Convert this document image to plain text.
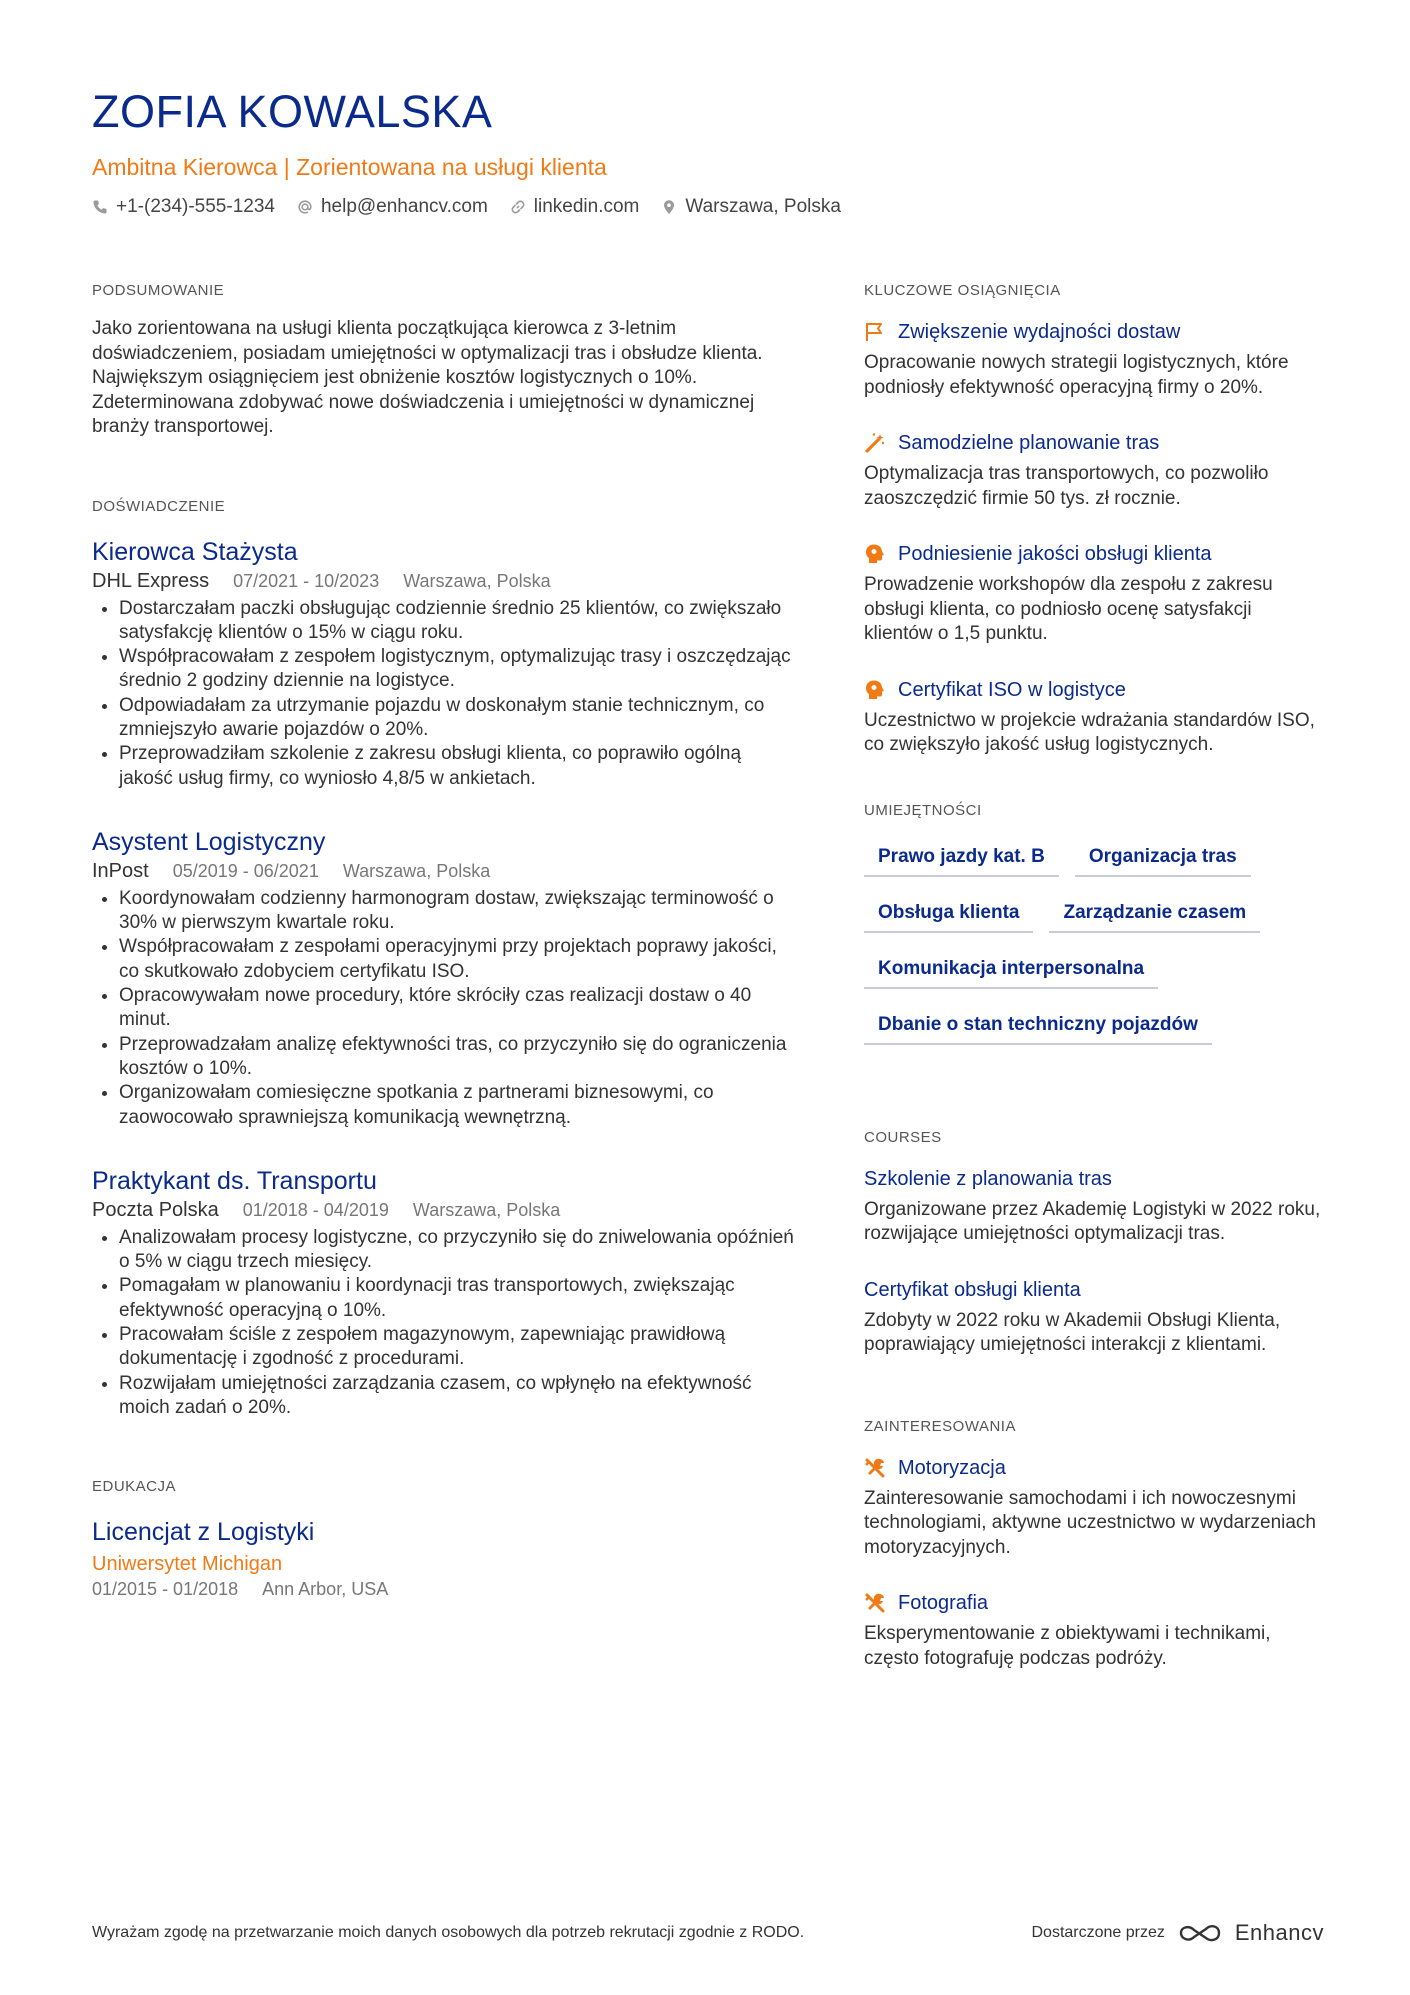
ZOFIA KOWALSKA
Ambitna Kierowca | Zorientowana na usługi klienta
+1-(234)-555-1234 help@enhancv.com linkedin.com Warszawa, Polska
PODSUMOWANIE

Jako zorientowana na usługi klienta początkująca kierowca z 3-letnim doświadczeniem, posiadam umiejętności w optymalizacji tras i obsłudze klienta. Największym osiągnięciem jest obniżenie kosztów logistycznych o 10%. Zdeterminowana zdobywać nowe doświadczenia i umiejętności w dynamicznej branży transportowej.

DOŚWIADCZENIE
Kierowca Stażysta
DHL Express 07/2021 - 10/2023 Warszawa, Polska
• Dostarczałam paczki obsługując codziennie średnio 25 klientów, co zwiększało satysfakcję klientów o 15% w ciągu roku.
• Współpracowałam z zespołem logistycznym, optymalizując trasy i oszczędzając średnio 2 godziny dziennie na logistyce.
• Odpowiadałam za utrzymanie pojazdu w doskonałym stanie technicznym, co zmniejszyło awarie pojazdów o 20%.
• Przeprowadziłam szkolenie z zakresu obsługi klienta, co poprawiło ogólną jakość usług firmy, co wyniosło 4,8/5 w ankietach.
Asystent Logistyczny
InPost 05/2019 - 06/2021 Warszawa, Polska
• Koordynowałam codzienny harmonogram dostaw, zwiększając terminowość o 30% w pierwszym kwartale roku.
• Współpracowałam z zespołami operacyjnymi przy projektach poprawy jakości, co skutkowało zdobyciem certyfikatu ISO.
• Opracowywałam nowe procedury, które skróciły czas realizacji dostaw o 40 minut.
• Przeprowadzałam analizę efektywności tras, co przyczyniło się do ograniczenia kosztów o 10%.
• Organizowałam comiesięczne spotkania z partnerami biznesowymi, co zaowocowało sprawniejszą komunikacją wewnętrzną.
Praktykant ds. Transportu
Poczta Polska 01/2018 - 04/2019 Warszawa, Polska
• Analizowałam procesy logistyczne, co przyczyniło się do zniwelowania opóźnień o 5% w ciągu trzech miesięcy.
• Pomagałam w planowaniu i koordynacji tras transportowych, zwiększając efektywność operacyjną o 10%.
• Pracowałam ściśle z zespołem magazynowym, zapewniając prawidłową dokumentację i zgodność z procedurami.
• Rozwijałam umiejętności zarządzania czasem, co wpłynęło na efektywność moich zadań o 20%.
EDUKACJA
Licencjat z Logistyki
Uniwersytet Michigan
01/2015 - 01/2018 Ann Arbor, USA
KLUCZOWE OSIĄGNIĘCIA
Zwiększenie wydajności dostaw
Opracowanie nowych strategii logistycznych, które podniosły efektywność operacyjną firmy o 20%.
Samodzielne planowanie tras
Optymalizacja tras transportowych, co pozwoliło zaoszczędzić firmie 50 tys. zł rocznie.
Podniesienie jakości obsługi klienta
Prowadzenie workshopów dla zespołu z zakresu obsługi klienta, co podniosło ocenę satysfakcji klientów o 1,5 punktu.
Certyfikat ISO w logistyce
Uczestnictwo w projekcie wdrażania standardów ISO, co zwiększyło jakość usług logistycznych.
UMIEJĘTNOŚCI
Prawo jazdy kat. B	Organizacja tras
Obsługa klienta	Zarządzanie czasem
Komunikacja interpersonalna
Dbanie o stan techniczny pojazdów
COURSES
Szkolenie z planowania tras
Organizowane przez Akademię Logistyki w 2022 roku, rozwijające umiejętności optymalizacji tras.
Certyfikat obsługi klienta
Zdobyty w 2022 roku w Akademii Obsługi Klienta, poprawiający umiejętności interakcji z klientami.
ZAINTERESOWANIA
Motoryzacja
Zainteresowanie samochodami i ich nowoczesnymi technologiami, aktywne uczestnictwo w wydarzeniach motoryzacyjnych.
Fotografia
Eksperymentowanie z obiektywami i technikami, często fotografuję podczas podróży.
Wyrażam zgodę na przetwarzanie moich danych osobowych dla potrzeb rekrutacji zgodnie z RODO.	Dostarczone przez	Enhancv
